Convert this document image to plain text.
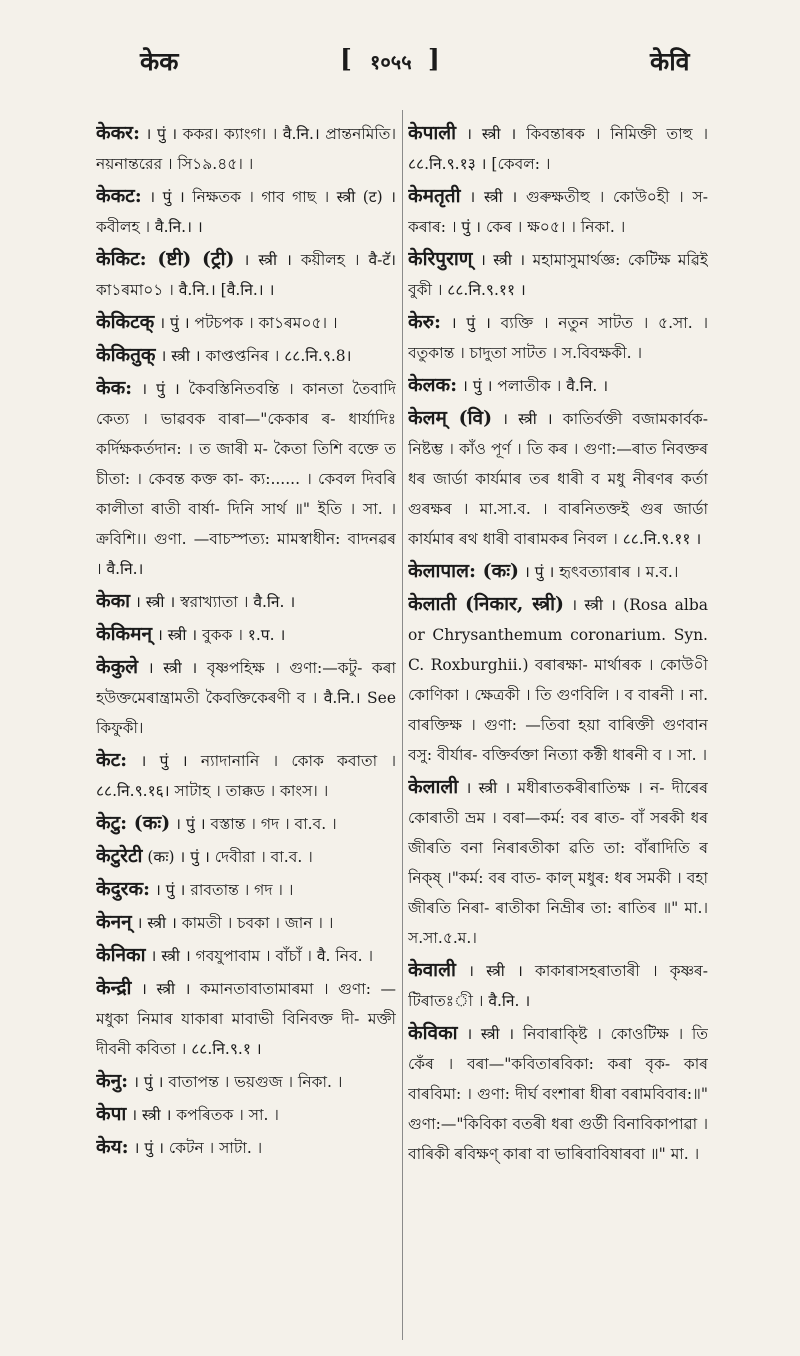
केक	[ १०५५ ]	केवि

केकर: । पुं । ককর। ক্যাংগ। । वै.नि.। প্রান্তনমিতি। নয়নান্তরের । সি১৯.৪৫। ।

केकट: । पुं । নিক্ষতক । গাব গাছ । स्त्री (ट) । কবীলহ । वै.नि.। ।

केकिट: (ष्टी) (ट्री) । स्त्री । কয়ীলহ । वै-टॅ। কা১ৰমা০১ । वै.नि.। [वै.नि.। ।

केकिटक् । पुं । পটচপক । কা১ৰম০৫। ।

केकितुक् । स्त्री । কাপ্তপ্তনিৰ । ८८.नि.९.8।

केक: । पुं । কৈবস্তিনিতবন্তি । কানতা তৈবাদি কেত্য । ভাৱবক বাৰা—"কেকাৰ ৰ- ধাৰ্যাদিঃ কৰ্দিক্ষকৰ্তদান: । ত জাৰী ম- কৈতা তিশি বক্তে ত চীতা: । কেবন্ত কক্ত কা- ক্য:...... । কেবল দিবৰি কালীতা ৰাতী বাৰ্ষা- দিনি সাৰ্থ ॥" ইতি । সা. । ক্ৰবিশি।। গুণা. —বাচস্পত্য: মামস্বাধীন: বাদনৱৰ । वै.नि.।

केका । स्त्री । স্বরাখ্যাতা । वै.नि. ।

केकिमन् । स्त्री । বুকক । १.प. ।

केकुले । स्त्री । বৃষ্ণপহিক্ষ । গুণা:—কটু- কৰা হউক্তমেৰান্ত্ৰামতী কৈবক্তিকেৰণী ব । वै.नि.। See কিফুকী।

केट: । पुं । ন্যাদানানি । কোক কবাতা । ८८.नि.९.१६। সাটাহ । তাক্কড । কাংস। ।

केटु: (कः) । पुं । বস্তান্ত । গদ । বা.ব. ।

केटुरेटी (कः) । पुं । দেবীরা । বা.ব. ।

केदुरक: । पुं । রাবতান্ত । গদ । ।

केनन् । स्त्री । কামতী । চবকা । জান । ।

केनिका । स्त्री । গবযুপাবাম । বাঁচাঁ । वै. নিব. ।

केन्द्री । स्त्री । কমানতাবাতামাৰমা । গুণা: —মধুকা নিমাৰ যাকাৰা মাবাভী বিনিবক্ত দী- মক্তী দীবনী কবিতা । ८८.नि.९.१ ।

केनु: । पुं । বাতাপন্ত । ভয়গুজ । নিকা. ।

केपा । स्त्री । কপৰিতক । সা. ।

केय: । पुं । কেটন । সাটা. ।

केपाली । स्त्री । কিবন্তাৰক । নিমিক্তী তাহু । ८८.नि.९.१३ । [কেবল: ।

केमतृती । स्त्री । গুৰুক্ষতীহু । কোউ০হী । স- কৰাৰ: । पुं । কেৰ । ক্ষ০৫। । নিকা. ।

केरिपुराण् । स्त्री । মহামাসুমাৰ্থজ্ঞ: কেটিক্ষ মৱিই বুকী । ८८.नि.९.११ ।

केरु: । पुं । ব্যক্তি । নতুন সাটত । ৫.সা. । বতুকান্ত । চাদুতা সাটত । স.বিবক্ষকী. ।

केलक: । पुं । পলাতীক । वै.नि. ।

केलम् (वि) । स्त्री । কাতিৰ্বক্তী বজামকাৰ্বক- নিষ্টম্ভ । কাঁও পূর্ণ । তি কৰ । গুণা:—ৰাত নিবক্তৰ ধৰ জাৰ্ডা কাৰ্যমাৰ তৰ ধাৰী ব মধু নীৰণৰ কৰ্তা গুৰক্ষৰ । মা.সা.ব. । বাৰনিতক্তই গুৰ জাৰ্ডা কাৰ্যমাৰ ৰথ ধাৰী বাৰামকৰ নিবল । ८८.नि.९.११ ।

केलापाल: (कः) । पुं । হৃৎবত্যাৰাৰ । ম.ব.।

केलाती (निकार, स्त्री) । स्त्री । (Rosa alba or Chrysanthemum coronarium. Syn. C. Roxburghii.) বৰাৰক্ষা- মাৰ্থাৰক । কোউ০ী কোণিকা । ক্ষেত্ৰকী । তি গুণবিলি । ব বাৰনী । না. বাৰক্তিক্ষ । গুণা: —তিবা হয়া বাৰিক্তী গুণবান বসু: বীৰ্যাৰ- বক্তিৰ্বক্তা নিত্যা কক্টী ধাৰনী ব । সা. ।

केलाली । स्त्री । মধীৰাতকৰীৰাতিক্ষ । ন- দীৰেৰ কোৰাতী ভ্ৰম । বৰা—কৰ্ম: বৰ ৰাত- বাঁ সৰকী ধৰ জীৰতি বনা নিৰাৰতীকা ৱতি তা: বাঁৰাদিতি ৰ নিক্ষ্ ।"কৰ্ম: বৰ বাত- কাল্ মধুৰ: ধৰ সমকী । বহা জীৰতি নিৰা- ৰাতীকা নিভ্ৰীৰ তা: ৰাতিৰ ॥" মা.। স.সা.৫.ম.।

केवाली । स्त्री । কাকাৰাসহৰাতাৰী । কৃষ্ণৰ- টিৰাতঃী । वै.नि. ।

केविका । स्त्री । নিবাৰাক্ষ্টি । কোওটিক্ষ । তি কেঁৰ । বৰা—"কবিতাৰবিকা: কৰা বৃক- কাৰ বাৰবিমা: । গুণা: দীৰ্ঘ বংশাৰা ধীৰা বৰামবিবাৰ:॥" গুণা:—"কিবিকা বতৰী ধৰা গুৰ্ডী বিনাবিকাপাৱা । বাৰিকী ৰবিক্ষণ্ কাৰা বা ভাৰিবাবিষাৰবা ॥" মা. ।
